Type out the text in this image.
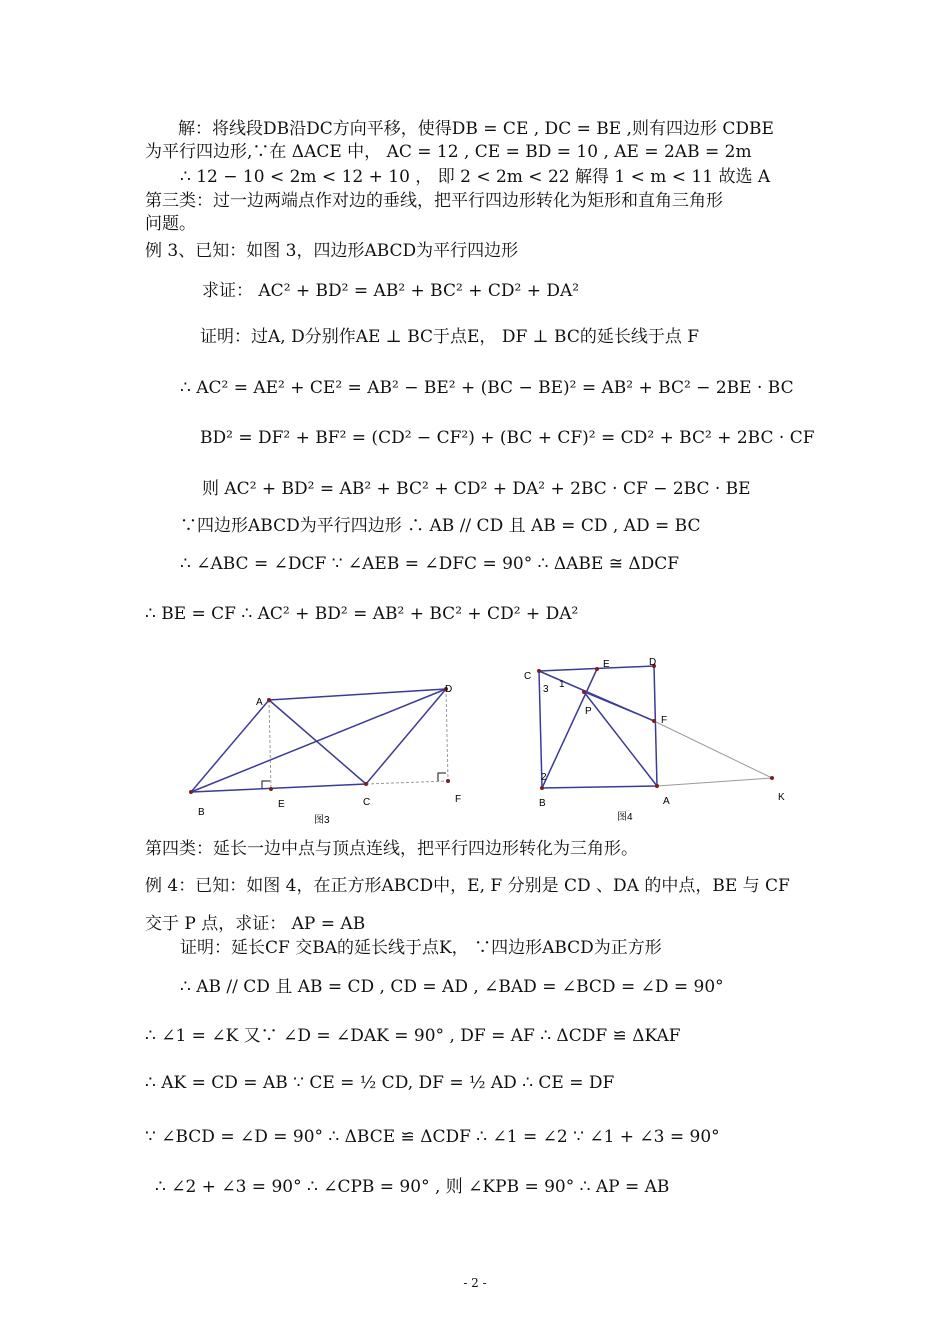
解：将线段DB沿DC方向平移，使得DB = CE , DC = BE ,则有四边形 CDBE
为平行四边形,∵在 ΔACE 中， AC = 12 , CE = BD = 10 , AE = 2AB = 2m
∴ 12 − 10 < 2m < 12 + 10 ， 即 2 < 2m < 22 解得 1 < m < 11 故选 A
第三类：过一边两端点作对边的垂线，把平行四边形转化为矩形和直角三角形
问题。
例 3、已知：如图 3，四边形ABCD为平行四边形
求证： AC² + BD² = AB² + BC² + CD² + DA²
证明：过A, D分别作AE ⊥ BC于点E， DF ⊥ BC的延长线于点 F
∴ AC² = AE² + CE² = AB² − BE² + (BC − BE)² = AB² + BC² − 2BE · BC
BD² = DF² + BF² = (CD² − CF²) + (BC + CF)² = CD² + BC² + 2BC · CF
则 AC² + BD² = AB² + BC² + CD² + DA² + 2BC · CF − 2BC · BE
∵四边形ABCD为平行四边形 ∴ AB // CD 且 AB = CD , AD = BC
∴ ∠ABC = ∠DCF ∵ ∠AEB = ∠DFC = 90° ∴ ΔABE ≅ ΔDCF
∴ BE = CF ∴ AC² + BD² = AB² + BC² + CD² + DA²
A
D
B
E	C	F
图3
C
E	D
3 1
P
F
2
B	A	K
图4
第四类：延长一边中点与顶点连线，把平行四边形转化为三角形。
例 4：已知：如图 4，在正方形ABCD中，E, F 分别是 CD 、DA 的中点，BE 与 CF
交于 P 点，求证： AP = AB
证明：延长CF 交BA的延长线于点K， ∵四边形ABCD为正方形
∴ AB // CD 且 AB = CD , CD = AD , ∠BAD = ∠BCD = ∠D = 90°
∴ ∠1 = ∠K 又∵ ∠D = ∠DAK = 90° , DF = AF ∴ ΔCDF ≌ ΔKAF
∴ AK = CD = AB ∵ CE = ½ CD, DF = ½ AD ∴ CE = DF
∵ ∠BCD = ∠D = 90° ∴ ΔBCE ≌ ΔCDF ∴ ∠1 = ∠2 ∵ ∠1 + ∠3 = 90°
∴ ∠2 + ∠3 = 90° ∴ ∠CPB = 90° , 则 ∠KPB = 90° ∴ AP = AB
- 2 -
